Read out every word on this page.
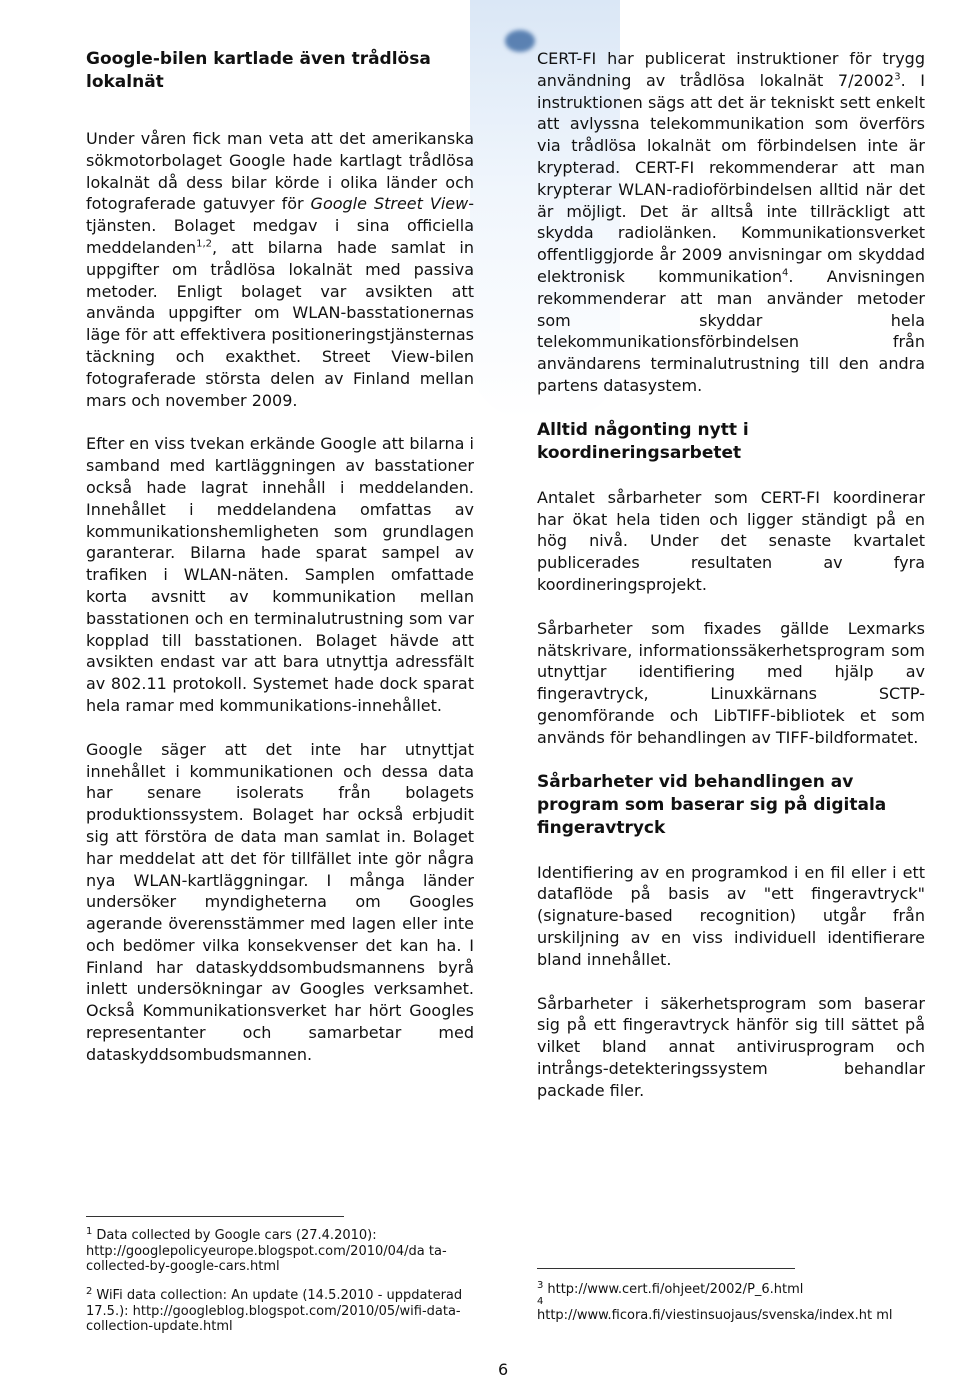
Google-bilen kartlade även trådlösa lokalnät

Under våren fick man veta att det amerikanska sökmotorbolaget Google hade kartlagt trådlösa lokalnät då dess bilar körde i olika länder och fotograferade gatuvyer för Google Street View-tjänsten. Bolaget medgav i sina officiella meddelanden$^{1,2}$, att bilarna hade samlat in uppgifter om trådlösa lokalnät med passiva metoder. Enligt bolaget var avsikten att använda uppgifter om WLAN-basstationernas läge för att effektivera positioneringstjänsternas täckning och exakthet. Street View-bilen fotograferade största delen av Finland mellan mars och november 2009.

Efter en viss tvekan erkände Google att bilarna i samband med kartläggningen av basstationer också hade lagrat innehåll i meddelanden. Innehållet i meddelandena omfattas av kommunikationshemligheten som grundlagen garanterar. Bilarna hade sparat sampel av trafiken i WLAN-näten. Samplen omfattade korta avsnitt av kommunikation mellan basstationen och en terminalutrustning som var kopplad till basstationen. Bolaget hävde att avsikten endast var att bara utnyttja adressfält av 802.11 protokoll. Systemet hade dock sparat hela ramar med kommunikations-innehållet.

Google säger att det inte har utnyttjat innehållet i kommunikationen och dessa data har senare isolerats från bolagets produktionssystem. Bolaget har också erbjudit sig att förstöra de data man samlat in. Bolaget har meddelat att det för tillfället inte gör några nya WLAN-kartläggningar. I många länder undersöker myndigheterna om Googles agerande överensstämmer med lagen eller inte och bedömer vilka konsekvenser det kan ha. I Finland har dataskyddsombudsmannens byrå inlett undersökningar av Googles verksamhet. Också Kommunikationsverket har hört Googles representanter och samarbetar med dataskyddsombudsmannen.

$^1$ Data collected by Google cars (27.4.2010): http://googlepolicyeurope.blogspot.com/2010/04/da ta-collected-by-google-cars.html
$^2$ WiFi data collection: An update (14.5.2010 - uppdaterad 17.5.): http://googleblog.blogspot.com/2010/05/wifi-data-collection-update.html

CERT-FI har publicerat instruktioner för trygg användning av trådlösa lokalnät 7/2002$^3$. I instruktionen sägs att det är tekniskt sett enkelt att avlyssna telekommunikation som överförs via trådlösa lokalnät om förbindelsen inte är krypterad. CERT-FI rekommenderar att man krypterar WLAN-radioförbindelsen alltid när det är möjligt. Det är alltså inte tillräckligt att skydda radiolänken. Kommunikationsverket offentliggjorde år 2009 anvisningar om skyddad elektronisk kommunikation$^4$. Anvisningen rekommenderar att man använder metoder som skyddar hela telekommunikationsförbindelsen från användarens terminalutrustning till den andra partens datasystem.

Alltid någonting nytt i koordineringsarbetet

Antalet sårbarheter som CERT-FI koordinerar har ökat hela tiden och ligger ständigt på en hög nivå. Under det senaste kvartalet publicerades resultaten av fyra koordineringsprojekt.

Sårbarheter som fixades gällde Lexmarks nätskrivare, informationssäkerhetsprogram som utnyttjar identifiering med hjälp av fingeravtryck, Linuxkärnans SCTP-genomförande och LibTIFF-bibliotek et som används för behandlingen av TIFF-bildformatet.

Sårbarheter vid behandlingen av program som baserar sig på digitala fingeravtryck

Identifiering av en programkod i en fil eller i ett dataflöde på basis av "ett fingeravtryck" (signature-based recognition) utgår från urskiljning av en viss individuell identifierare bland innehållet.

Sårbarheter i säkerhetsprogram som baserar sig på ett fingeravtryck hänför sig till sättet på vilket bland annat antivirusprogram och intrångs-detekteringssystem behandlar packade filer.

$^3$ http://www.cert.fi/ohjeet/2002/P_6.html
4
http://www.ficora.fi/viestinsuojaus/svenska/index.ht ml
6
